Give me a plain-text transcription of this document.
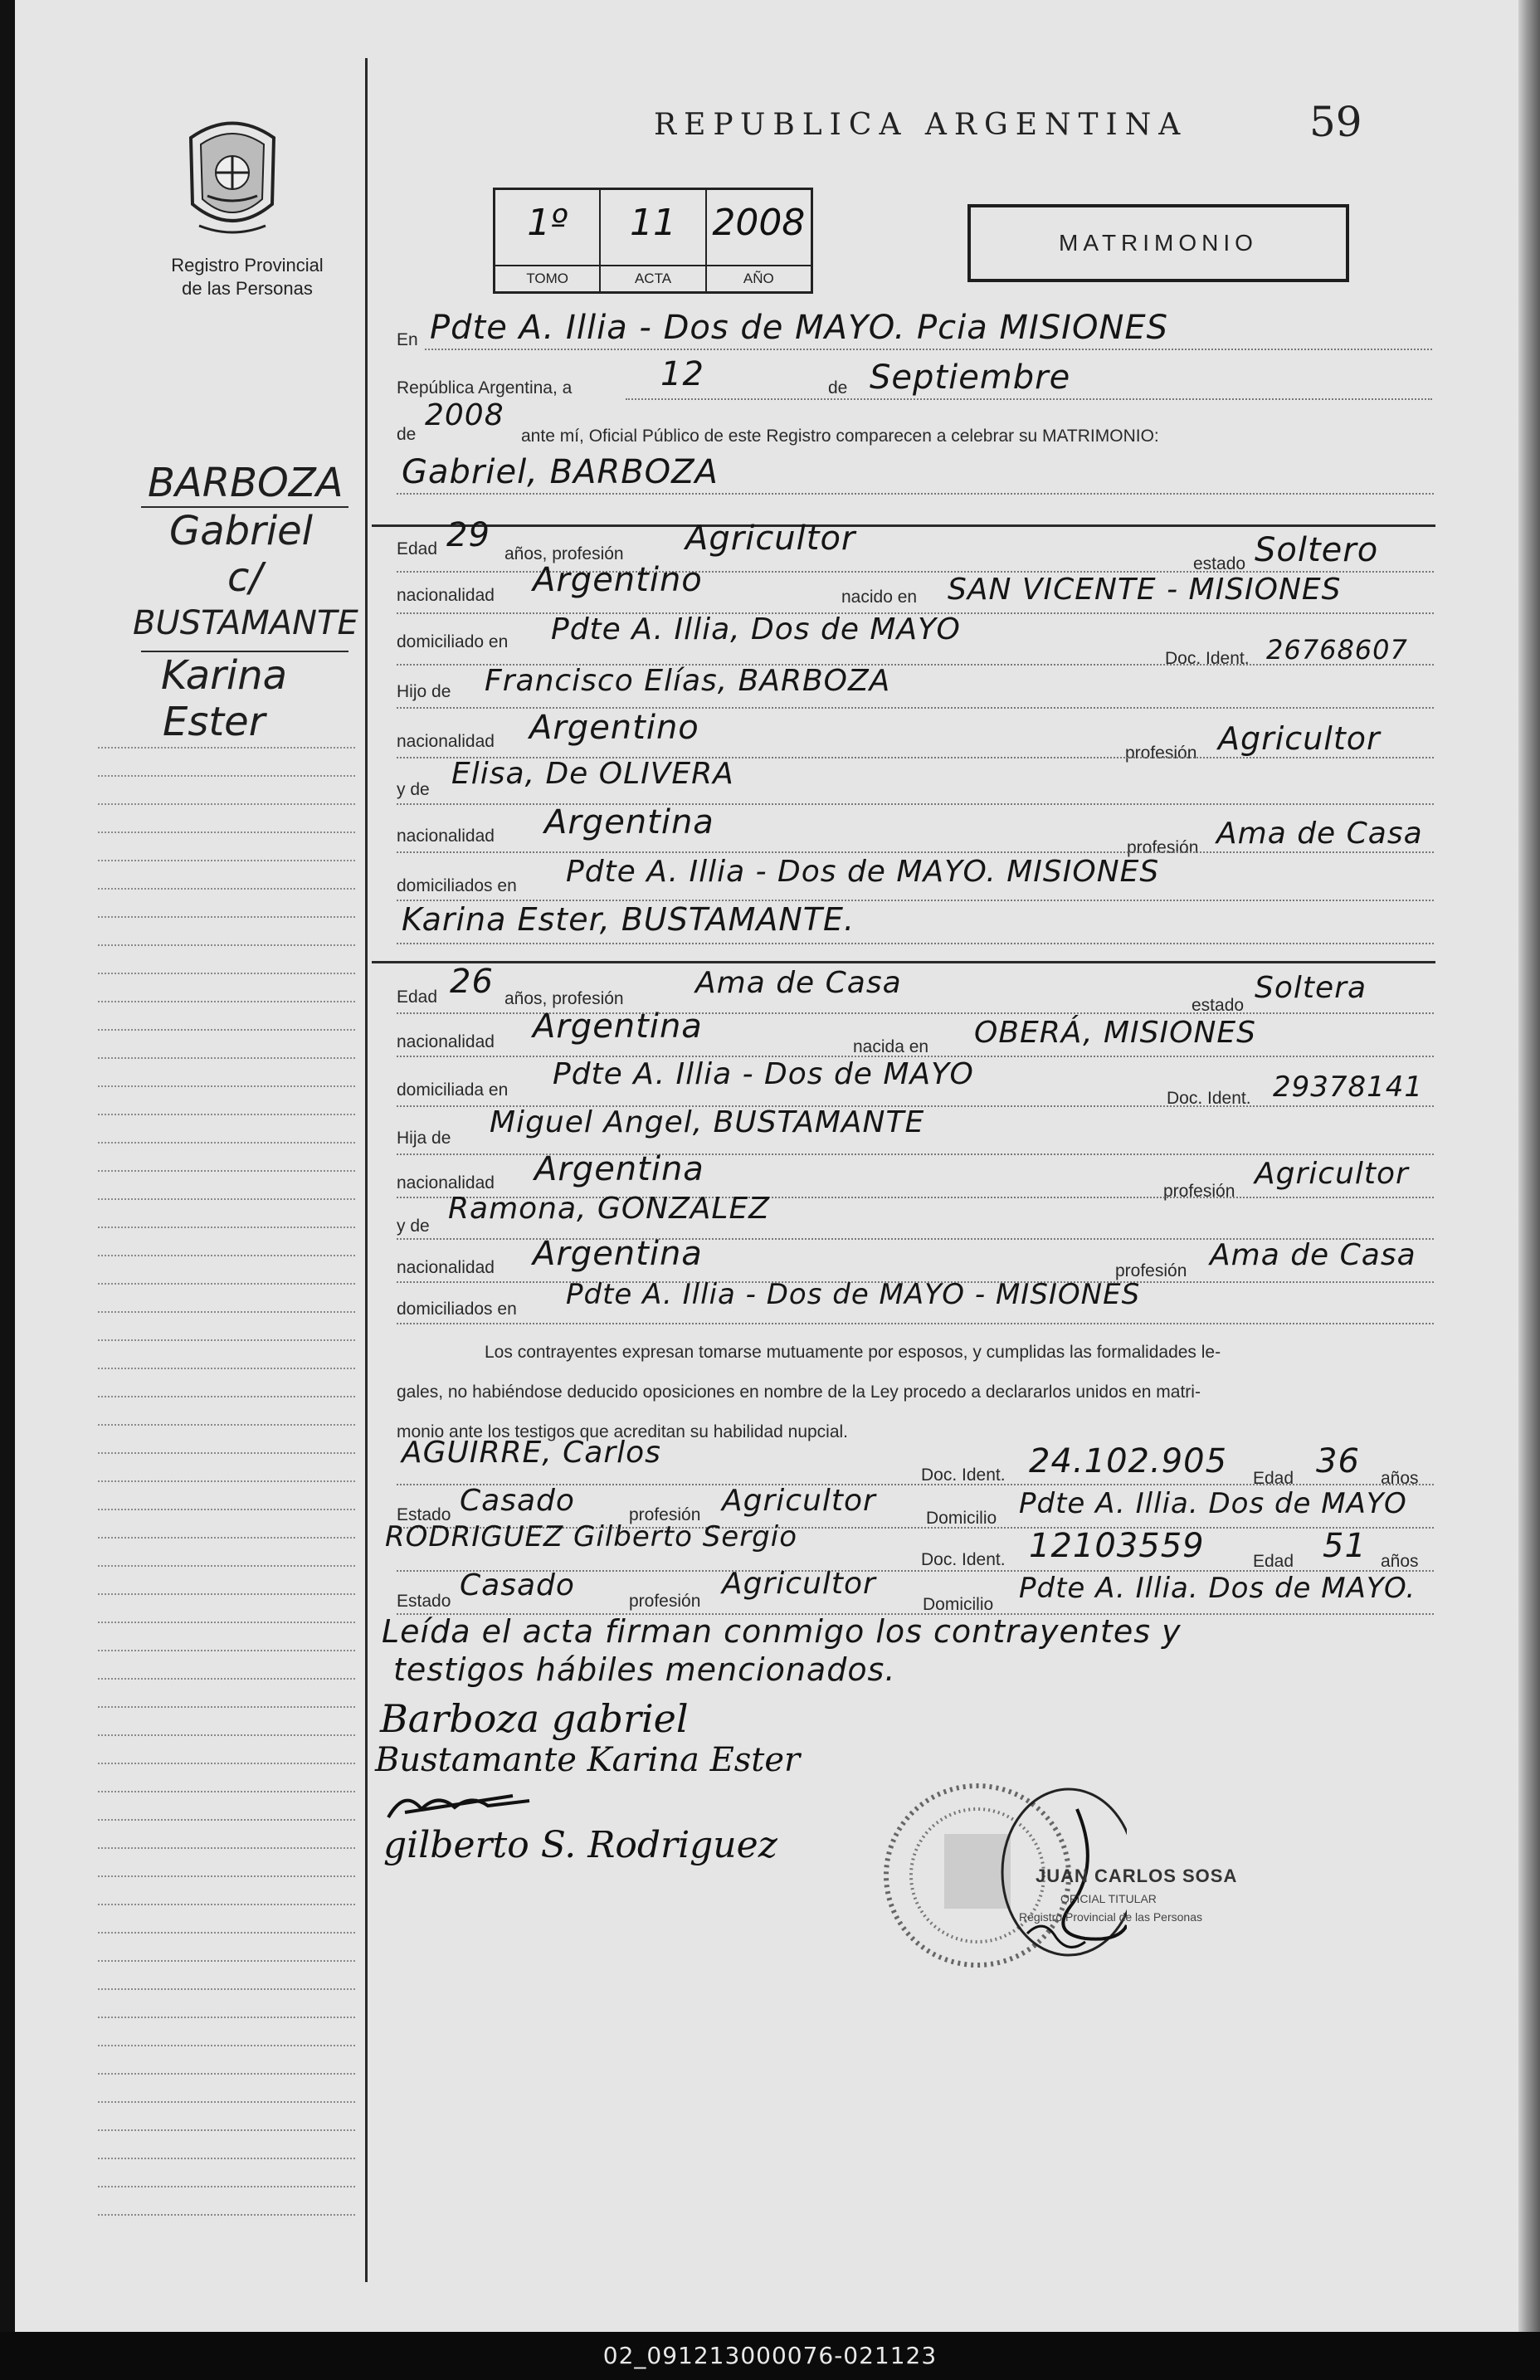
Registro Provincial
de las Personas
BARBOZA
Gabriel
c/
BUSTAMANTE
Karina
Ester
REPUBLICA ARGENTINA	59
1º
TOMO
11
ACTA
2008
AÑO
MATRIMONIO
En Pdte A. Illia - Dos de MAYO. Pcia MISIONES
República Argentina, a	12	de Septiembre
de
2008
ante mí, Oficial Público de este Registro comparecen a celebrar su MATRIMONIO:
Gabriel, BARBOZA
Edad 29 años, profesión Agricultor
estado Soltero
nacionalidad Argentino	nacido en SAN VICENTE - MISIONES
domiciliado en Pdte A. Illia, Dos de MAYO
Doc. Ident. 26768607
Hijo de Francisco Elías, BARBOZA
nacionalidad Argentino
profesión Agricultor
y de Elisa, De OLIVERA
nacionalidad Argentina
profesión Ama de Casa
domiciliados en Pdte A. Illia - Dos de MAYO. MISIONES
Karina Ester, BUSTAMANTE.
Edad 26 años, profesión Ama de Casa
estado
Soltera
nacionalidad Argentina
nacida en OBERÁ, MISIONES
domiciliada en Pdte A. Illia - Dos de MAYO
Doc. Ident. 29378141
Hija de Miguel Angel, BUSTAMANTE
nacionalidad Argentina
profesión
Agricultor
y de
Ramona, GONZALEZ
nacionalidad Argentina	profesión Ama de Casa
domiciliados en Pdte A. Illia - Dos de MAYO - MISIONES
Los contrayentes expresan tomarse mutuamente por esposos, y cumplidas las formalidades le-
gales, no habiéndose deducido oposiciones en nombre de la Ley procedo a declararlos unidos en matri-
monio ante los testigos que acreditan su habilidad nupcial.
AGUIRRE, Carlos
Doc. Ident. 24.102.905 Edad 36 años
Estado Casado	profesión Agricultor
Domicilio Pdte A. Illia. Dos de MAYO
RODRIGUEZ Gilberto Sergio
Doc. Ident. 12103559	Edad 51 años
Estado Casado	profesión
Agricultor
Domicilio Pdte A. Illia. Dos de MAYO.
Leída el acta firman conmigo los contrayentes y
testigos hábiles mencionados.
JUAN CARLOS SOSA
OFICIAL TITULAR
Registro Provincial de las Personas
Barboza gabriel
Bustamante Karina Ester
gilberto S. Rodriguez
02_091213000076-021123
